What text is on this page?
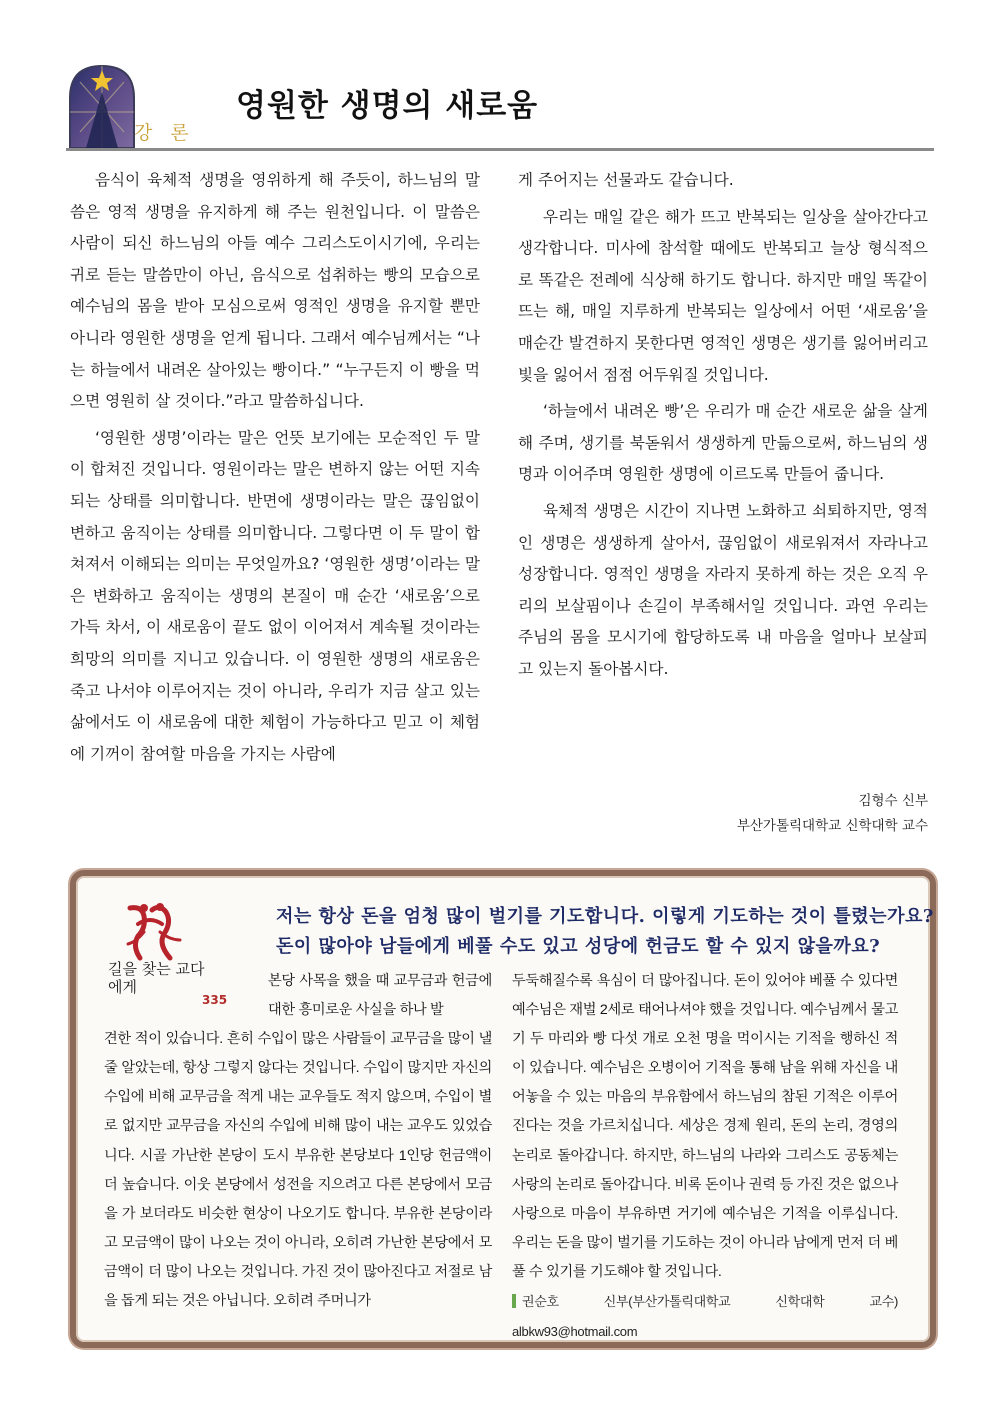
강 론
영원한 생명의 새로움

음식이 육체적 생명을 영위하게 해 주듯이, 하느님의 말씀은 영적 생명을 유지하게 해 주는 원천입니다. 이 말씀은 사람이 되신 하느님의 아들 예수 그리스도이시기에, 우리는 귀로 듣는 말씀만이 아닌, 음식으로 섭취하는 빵의 모습으로 예수님의 몸을 받아 모심으로써 영적인 생명을 유지할 뿐만 아니라 영원한 생명을 얻게 됩니다. 그래서 예수님께서는 “나는 하늘에서 내려온 살아있는 빵이다.” “누구든지 이 빵을 먹으면 영원히 살 것이다.”라고 말씀하십니다.

‘영원한 생명’이라는 말은 언뜻 보기에는 모순적인 두 말이 합쳐진 것입니다. 영원이라는 말은 변하지 않는 어떤 지속되는 상태를 의미합니다. 반면에 생명이라는 말은 끊임없이 변하고 움직이는 상태를 의미합니다. 그렇다면 이 두 말이 합쳐져서 이해되는 의미는 무엇일까요? ‘영원한 생명’이라는 말은 변화하고 움직이는 생명의 본질이 매 순간 ‘새로움’으로 가득 차서, 이 새로움이 끝도 없이 이어져서 계속될 것이라는 희망의 의미를 지니고 있습니다. 이 영원한 생명의 새로움은 죽고 나서야 이루어지는 것이 아니라, 우리가 지금 살고 있는 삶에서도 이 새로움에 대한 체험이 가능하다고 믿고 이 체험에 기꺼이 참여할 마음을 가지는 사람에

게 주어지는 선물과도 같습니다.

우리는 매일 같은 해가 뜨고 반복되는 일상을 살아간다고 생각합니다. 미사에 참석할 때에도 반복되고 늘상 형식적으로 똑같은 전례에 식상해 하기도 합니다. 하지만 매일 똑같이 뜨는 해, 매일 지루하게 반복되는 일상에서 어떤 ‘새로움’을 매순간 발견하지 못한다면 영적인 생명은 생기를 잃어버리고 빛을 잃어서 점점 어두워질 것입니다.

‘하늘에서 내려온 빵’은 우리가 매 순간 새로운 삶을 살게 해 주며, 생기를 북돋워서 생생하게 만듦으로써, 하느님의 생명과 이어주며 영원한 생명에 이르도록 만들어 줍니다.

육체적 생명은 시간이 지나면 노화하고 쇠퇴하지만, 영적인 생명은 생생하게 살아서, 끊임없이 새로워져서 자라나고 성장합니다. 영적인 생명을 자라지 못하게 하는 것은 오직 우리의 보살핌이나 손길이 부족해서일 것입니다. 과연 우리는 주님의 몸을 모시기에 합당하도록 내 마음을 얼마나 보살피고 있는지 돌아봅시다.

김형수 신부
부산가톨릭대학교 신학대학 교수
길을 찾는 교다에게
335
저는 항상 돈을 엄청 많이 벌기를 기도합니다. 이렇게 기도하는 것이 틀렸는가요?
돈이 많아야 남들에게 베풀 수도 있고 성당에 헌금도 할 수 있지 않을까요?
본당 사목을 했을 때 교무금과 헌금에 대한 흥미로운 사실을 하나 발
견한 적이 있습니다. 흔히 수입이 많은 사람들이 교무금을 많이 낼 줄 알았는데, 항상 그렇지 않다는 것입니다. 수입이 많지만 자신의 수입에 비해 교무금을 적게 내는 교우들도 적지 않으며, 수입이 별로 없지만 교무금을 자신의 수입에 비해 많이 내는 교우도 있었습니다. 시골 가난한 본당이 도시 부유한 본당보다 1인당 헌금액이 더 높습니다. 이웃 본당에서 성전을 지으려고 다른 본당에서 모금을 가 보더라도 비슷한 현상이 나오기도 합니다. 부유한 본당이라고 모금액이 많이 나오는 것이 아니라, 오히려 가난한 본당에서 모금액이 더 많이 나오는 것입니다. 가진 것이 많아진다고 저절로 남을 돕게 되는 것은 아닙니다. 오히려 주머니가
두둑해질수록 욕심이 더 많아집니다. 돈이 있어야 베풀 수 있다면 예수님은 재벌 2세로 태어나셔야 했을 것입니다. 예수님께서 물고기 두 마리와 빵 다섯 개로 오천 명을 먹이시는 기적을 행하신 적이 있습니다. 예수님은 오병이어 기적을 통해 남을 위해 자신을 내어놓을 수 있는 마음의 부유함에서 하느님의 참된 기적은 이루어진다는 것을 가르치십니다. 세상은 경제 원리, 돈의 논리, 경영의 논리로 돌아갑니다. 하지만, 하느님의 나라와 그리스도 공동체는 사랑의 논리로 돌아갑니다. 비록 돈이나 권력 등 가진 것은 없으나 사랑으로 마음이 부유하면 거기에 예수님은 기적을 이루십니다. 우리는 돈을 많이 벌기를 기도하는 것이 아니라 남에게 먼저 더 베풀 수 있기를 기도해야 할 것입니다.
권순호 신부(부산가톨릭대학교 신학대학 교수) albkw93@hotmail.com
